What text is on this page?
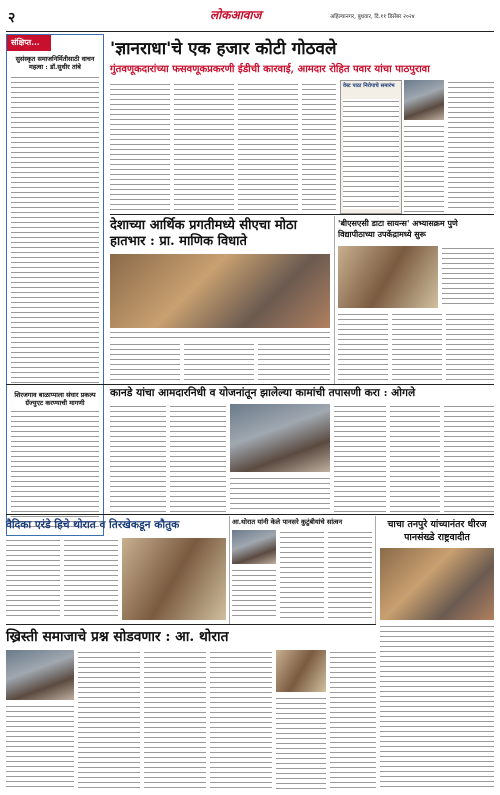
२	लोकआवाज	अहिल्यानगर, बुधवार, दि.११ डिसेंबर २०२४
संक्षिप्त...
सुसंस्कृत समाजनिर्मितीसाठी वाचन महत्वा : डॉ.सुधीर तांबे
शिरजगाव बाळाप्पाला संघार प्रकल्प ग्रॅज्युएट करण्याची मागणी
'ज्ञानराधा'चे एक हजार कोटी गोठवले
गुंतवणूकदारांच्या फसवणूकप्रकरणी ईडीची कारवाई, आमदार रोहित पवार यांचा पाठपुरावा
वेस्ट पाठा निरोपाचे समारंभ
देशाच्या आर्थिक प्रगतीमध्ये सीएचा मोठा हातभार : प्रा. माणिक विधाते
'बीएसएसी डाटा सायन्स' अभ्यासक्रम पुणे विद्यापीठाच्या उपकेंद्रामध्ये सुरू
कानडे यांचा आमदारनिधी व योजनांतून झालेल्या कामांची तपासणी करा : ओगले
वैदिका एरंडे हिचे थोरात व तिरखेकडून कौतुक	आ.थोरात यांनी केले पानसरे कुटुंबीयांचे सांत्वन	चाचा तनपुरे यांच्यानंतर धीरज पानसंख्डे राष्ट्रवादीत
ख्रिस्ती समाजाचे प्रश्न सोडवणार : आ. थोरात
